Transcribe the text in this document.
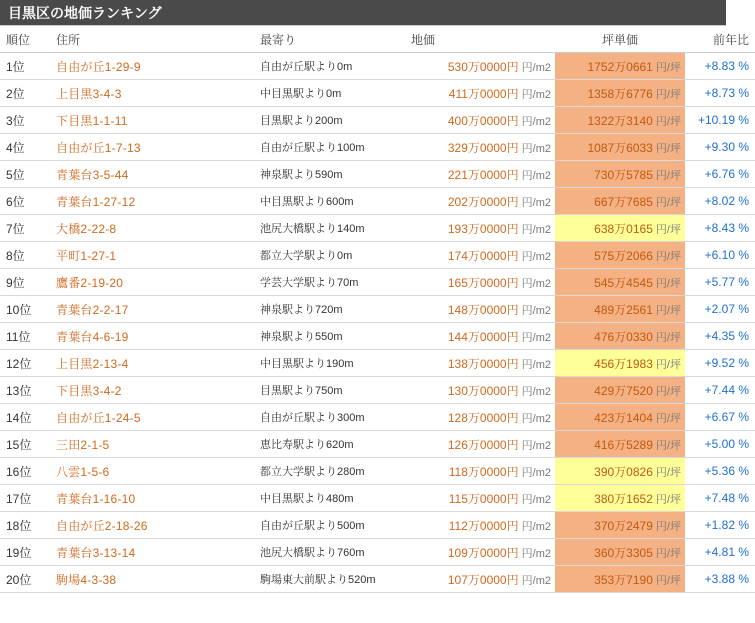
目黒区の地価ランキング
順位	住所	最寄り	地価	坪単価	前年比
1位	自由が丘1-29-9	自由が丘駅より0m	530万0000円 円/m2	1752万0661 円/坪	+8.83 %
2位	上目黒3-4-3	中目黒駅より0m	411万0000円 円/m2	1358万6776 円/坪	+8.73 %
3位	下目黒1-1-11	目黒駅より200m	400万0000円 円/m2	1322万3140 円/坪	+10.19 %
4位	自由が丘1-7-13	自由が丘駅より100m	329万0000円 円/m2	1087万6033 円/坪	+9.30 %
5位	青葉台3-5-44	神泉駅より590m	221万0000円 円/m2	730万5785 円/坪	+6.76 %
6位	青葉台1-27-12	中目黒駅より600m	202万0000円 円/m2	667万7685 円/坪	+8.02 %
7位	大橋2-22-8	池尻大橋駅より140m	193万0000円 円/m2	638万0165 円/坪	+8.43 %
8位	平町1-27-1	都立大学駅より0m	174万0000円 円/m2	575万2066 円/坪	+6.10 %
9位	鷹番2-19-20	学芸大学駅より70m	165万0000円 円/m2	545万4545 円/坪	+5.77 %
10位	青葉台2-2-17	神泉駅より720m	148万0000円 円/m2	489万2561 円/坪	+2.07 %
11位	青葉台4-6-19	神泉駅より550m	144万0000円 円/m2	476万0330 円/坪	+4.35 %
12位	上目黒2-13-4	中目黒駅より190m	138万0000円 円/m2	456万1983 円/坪	+9.52 %
13位	下目黒3-4-2	目黒駅より750m	130万0000円 円/m2	429万7520 円/坪	+7.44 %
14位	自由が丘1-24-5	自由が丘駅より300m	128万0000円 円/m2	423万1404 円/坪	+6.67 %
15位	三田2-1-5	恵比寿駅より620m	126万0000円 円/m2	416万5289 円/坪	+5.00 %
16位	八雲1-5-6	都立大学駅より280m	118万0000円 円/m2	390万0826 円/坪	+5.36 %
17位	青葉台1-16-10	中目黒駅より480m	115万0000円 円/m2	380万1652 円/坪	+7.48 %
18位	自由が丘2-18-26	自由が丘駅より500m	112万0000円 円/m2	370万2479 円/坪	+1.82 %
19位	青葉台3-13-14	池尻大橋駅より760m	109万0000円 円/m2	360万3305 円/坪	+4.81 %
20位	駒場4-3-38	駒場東大前駅より520m	107万0000円 円/m2	353万7190 円/坪	+3.88 %
